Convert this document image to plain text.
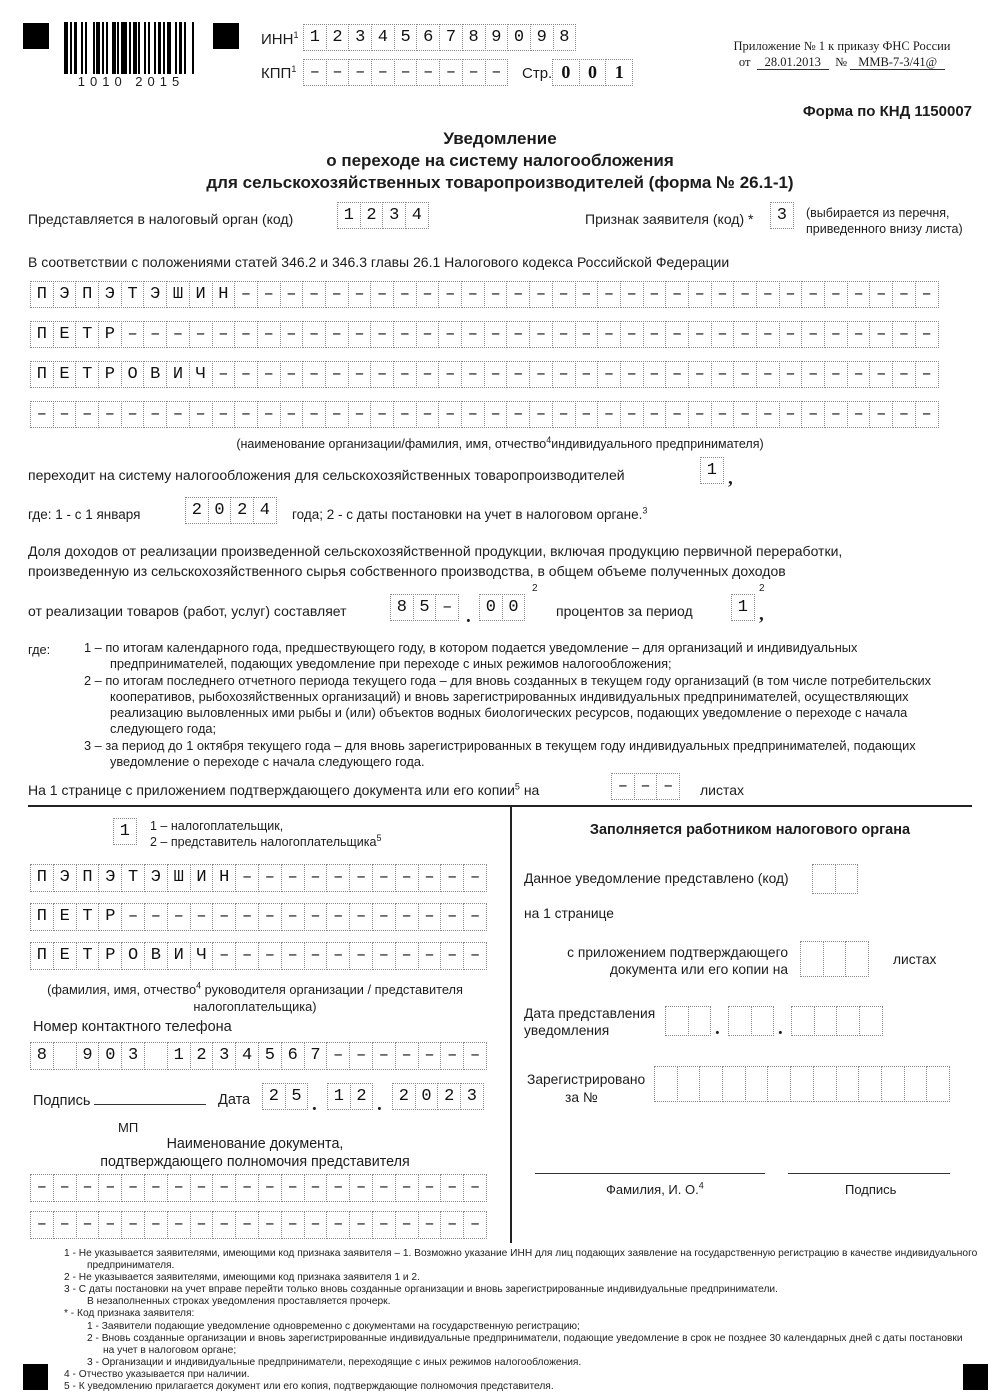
1010 2015
ИНН$^1$ 1 2 3 4 5 6 7 8 9 0 9 8
КПП$^1$ – – – – – – – – –	Стр. 0 0 1
Приложение № 1 к приказу ФНС России
от 28.01.2013 № ММВ-7-3/41@
Форма по КНД 1150007
Уведомление
о переходе на систему налогообложения
для сельскохозяйственных товаропроизводителей (форма № 26.1-1)
Представляется в налоговый орган (код)	1 2 3 4	Признак заявителя (код) *	3	(выбирается из перечня,
приведенного внизу листа)
В соответствии с положениями статей 346.2 и 346.3 главы 26.1 Налогового кодекса Российской Федерации
П Э П Э Т Э Ш И Н – – – – – – – – – – – – – – – – – – – – – – – – – – – – – – –
П Е Т Р – – – – – – – – – – – – – – – – – – – – – – – – – – – – – – – – – – – –
П Е Т Р О В И Ч – – – – – – – – – – – – – – – – – – – – – – – – – – – – – – – –
– – – – – – – – – – – – – – – – – – – – – – – – – – – – – – – – – – – – – – – –
(наименование организации/фамилия, имя, отчество$^4$индивидуального предпринимателя)
переходит на систему налогообложения для сельскохозяйственных товаропроизводителей	1 ,
где: 1 - с 1 января	2 0 2 4	года; 2 - с даты постановки на учет в налоговом органе.$^3$
Доля доходов от реализации произведенной сельскохозяйственной продукции, включая продукцию первичной переработки,
произведенную из сельскохозяйственного сырья собственного производства, в общем объеме полученных доходов
от реализации товаров (работ, услуг) составляет	8 5 – . 0 0
2
процентов за период	1
2
,
где:	1 – по итогам календарного года, предшествующего году, в котором подается уведомление – для организаций и индивидуальных предпринимателей, подающих уведомление при переходе с иных режимов налогообложения;
2 – по итогам последнего отчетного периода текущего года – для вновь созданных в текущем году организаций (в том числе потребительских кооперативов, рыбохозяйственных организаций) и вновь зарегистрированных индивидуальных предпринимателей, осуществляющих реализацию выловленных ими рыбы и (или) объектов водных биологических ресурсов, подающих уведомление о переходе с начала следующего года;
3 – за период до 1 октября текущего года – для вновь зарегистрированных в текущем году индивидуальных предпринимателей, подающих уведомление о переходе с начала следующего года.
На 1 странице с приложением подтверждающего документа или его копии$^5$ на	– – –	листах
1	1 – налогоплательщик,
2 – представитель налогоплательщика$^5$
П Э П Э Т Э Ш И Н – – – – – – – – – – –
П Е Т Р – – – – – – – – – – – – – – – –
П Е Т Р О В И Ч – – – – – – – – – – – –
(фамилия, имя, отчество$^4$ руководителя организации / представителя
налогоплательщика)
Номер контактного телефона
8	9 0 3	1 2 3 4 5 6 7 – – – – – – –
Подпись	Дата	2 5 . 1 2 . 2 0 2 3
МП
Наименование документа,
подтверждающего полномочия представителя
– – – – – – – – – – – – – – – – – – – –
– – – – – – – – – – – – – – – – – – – –
Заполняется работником налогового органа
Данное уведомление представлено (код)
на 1 странице
с приложением подтверждающего
документа или его копии на
листах
Дата представления
уведомления	.	.
Зарегистрировано
за №
Фамилия, И. О.$^4$	Подпись
1 - Не указывается заявителями, имеющими код признака заявителя – 1. Возможно указание ИНН для лиц подающих заявление на государственную регистрацию в качестве индивидуального
предпринимателя.
2 - Не указывается заявителями, имеющими код признака заявителя 1 и 2.
3 - С даты постановки на учет вправе перейти только вновь созданные организации и вновь зарегистрированные индивидуальные предприниматели.
В незаполненных строках уведомления проставляется прочерк.
* - Код признака заявителя:
1 - Заявители подающие уведомление одновременно с документами на государственную регистрацию;
2 - Вновь созданные организации и вновь зарегистрированные индивидуальные предприниматели, подающие уведомление в срок не позднее 30 календарных дней с даты постановки
на учет в налоговом органе;
3 - Организации и индивидуальные предприниматели, переходящие с иных режимов налогообложения.
4 - Отчество указывается при наличии.
5 - К уведомлению прилагается документ или его копия, подтверждающие полномочия представителя.
